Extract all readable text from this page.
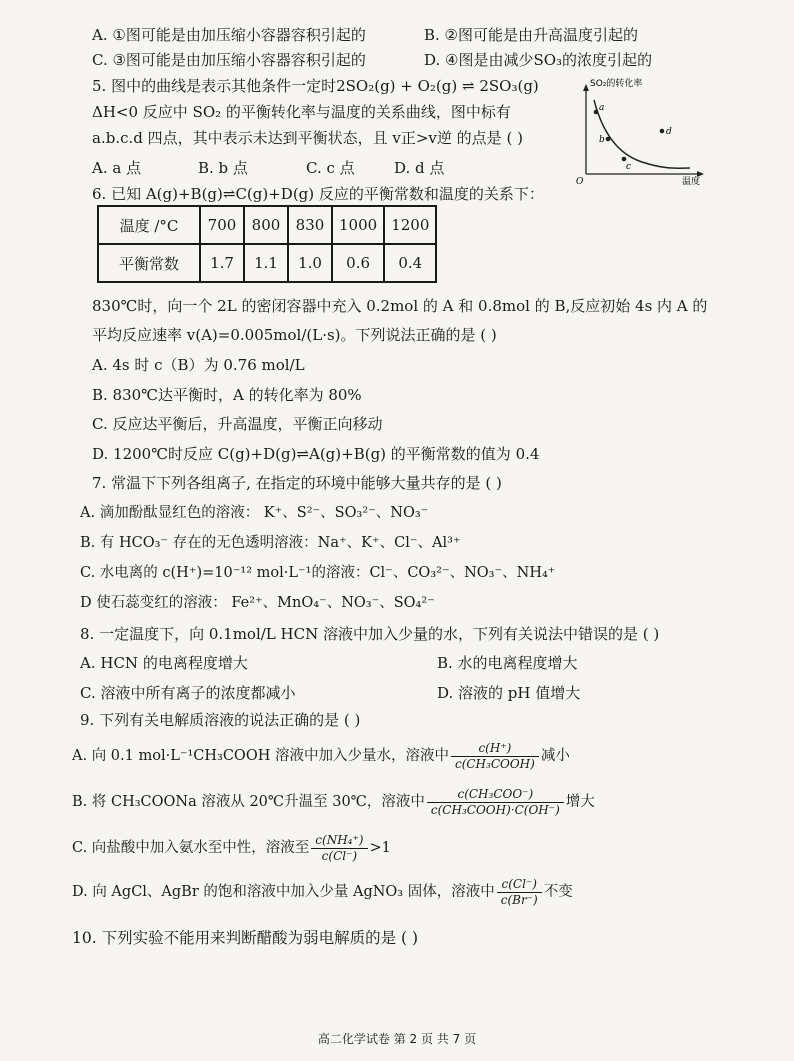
A. ①图可能是由加压缩小容器容积引起的	B. ②图可能是由升高温度引起的
C. ③图可能是由加压缩小容器容积引起的	D. ④图是由减少SO₃的浓度引起的
5. 图中的曲线是表示其他条件一定时2SO₂(g) + O₂(g) ⇌ 2SO₃(g)
ΔH<0 反应中 SO₂ 的平衡转化率与温度的关系曲线，图中标有
a.b.c.d 四点，其中表示未达到平衡状态，且 v正>v逆 的点是 ( )
A. a 点	B. b 点	C. c 点	D. d 点
SO₂的转化率
温度
O
a
b
c
d
6. 已知 A(g)+B(g)⇌C(g)+D(g) 反应的平衡常数和温度的关系下：
温度 /°C	700	800	830	1000	1200
平衡常数	1.7	1.1	1.0	0.6	0.4
830℃时，向一个 2L 的密闭容器中充入 0.2mol 的 A 和 0.8mol 的 B,反应初始 4s 内 A 的
平均反应速率 v(A)=0.005mol/(L·s)。下列说法正确的是 ( )
A. 4s 时 c（B）为 0.76 mol/L
B. 830℃达平衡时，A 的转化率为 80%
C. 反应达平衡后，升高温度，平衡正向移动
D. 1200℃时反应 C(g)+D(g)⇌A(g)+B(g) 的平衡常数的值为 0.4
7. 常温下下列各组离子, 在指定的环境中能够大量共存的是 ( )
A. 滴加酚酞显红色的溶液： K⁺、S²⁻、SO₃²⁻、NO₃⁻
B. 有 HCO₃⁻ 存在的无色透明溶液：Na⁺、K⁺、Cl⁻、Al³⁺
C. 水电离的 c(H⁺)=10⁻¹² mol·L⁻¹的溶液：Cl⁻、CO₃²⁻、NO₃⁻、NH₄⁺
D 使石蕊变红的溶液： Fe²⁺、MnO₄⁻、NO₃⁻、SO₄²⁻
8. 一定温度下，向 0.1mol/L HCN 溶液中加入少量的水，下列有关说法中错误的是 ( )
A. HCN 的电离程度增大	B. 水的电离程度增大
C. 溶液中所有离子的浓度都减小	D. 溶液的 pH 值增大
9. 下列有关电解质溶液的说法正确的是 ( )
A. 向 0.1 mol·L⁻¹CH₃COOH 溶液中加入少量水，溶液中 $\frac{c(H^+)}{\text{c(CH₃COOH)}}$ 减小
B. 将 CH₃COONa 溶液从 20℃升温至 30℃，溶液中 $\frac{\text{c(CH₃COO⁻)}}{\text{c(CH₃COOH)·C(OH⁻)}}$ 增大
C. 向盐酸中加入氨水至中性，溶液至 $\frac{\text{c(NH₄⁺)}}{c(Cl^-)} >1$
D. 向 AgCl、AgBr 的饱和溶液中加入少量 AgNO₃ 固体，溶液中 $\frac{c(Cl^-)}{c(Br^-)}$ 不变
10. 下列实验不能用来判断醋酸为弱电解质的是 ( )
高二化学试卷 第 2 页 共 7 页
